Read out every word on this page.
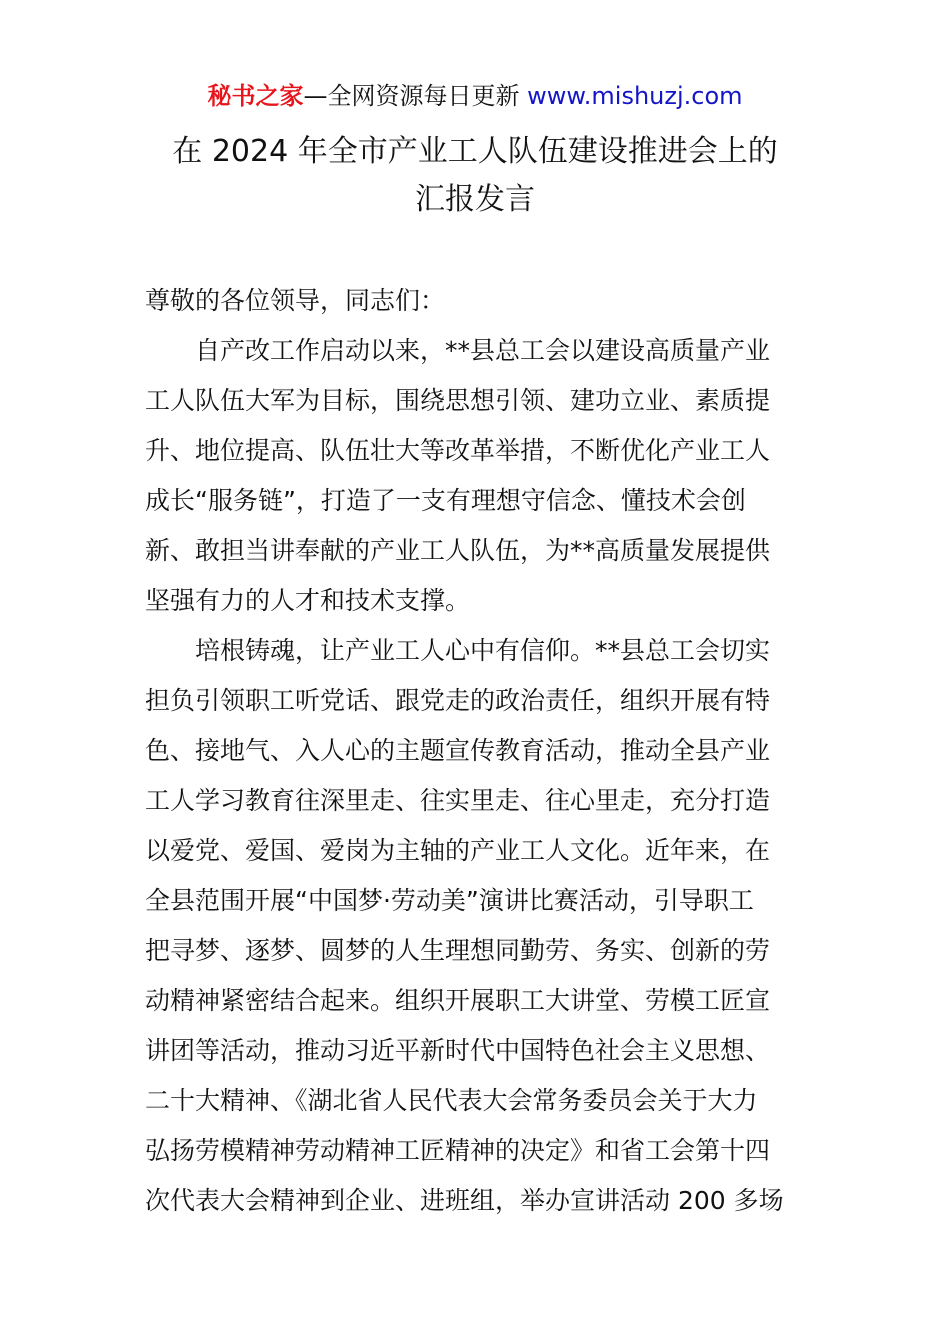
秘书之家—全网资源每日更新 www.mishuzj.com
在 2024 年全市产业工人队伍建设推进会上的
汇报发言
尊敬的各位领导，同志们：
自产改工作启动以来，**县总工会以建设高质量产业
工人队伍大军为目标，围绕思想引领、建功立业、素质提
升、地位提高、队伍壮大等改革举措，不断优化产业工人
成长“服务链”，打造了一支有理想守信念、懂技术会创
新、敢担当讲奉献的产业工人队伍，为**高质量发展提供
坚强有力的人才和技术支撑。
培根铸魂，让产业工人心中有信仰。**县总工会切实
担负引领职工听党话、跟党走的政治责任，组织开展有特
色、接地气、入人心的主题宣传教育活动，推动全县产业
工人学习教育往深里走、往实里走、往心里走，充分打造
以爱党、爱国、爱岗为主轴的产业工人文化。近年来，在
全县范围开展“中国梦·劳动美”演讲比赛活动，引导职工
把寻梦、逐梦、圆梦的人生理想同勤劳、务实、创新的劳
动精神紧密结合起来。组织开展职工大讲堂、劳模工匠宣
讲团等活动，推动习近平新时代中国特色社会主义思想、
二十大精神、《湖北省人民代表大会常务委员会关于大力
弘扬劳模精神劳动精神工匠精神的决定》和省工会第十四
次代表大会精神到企业、进班组，举办宣讲活动 200 多场
